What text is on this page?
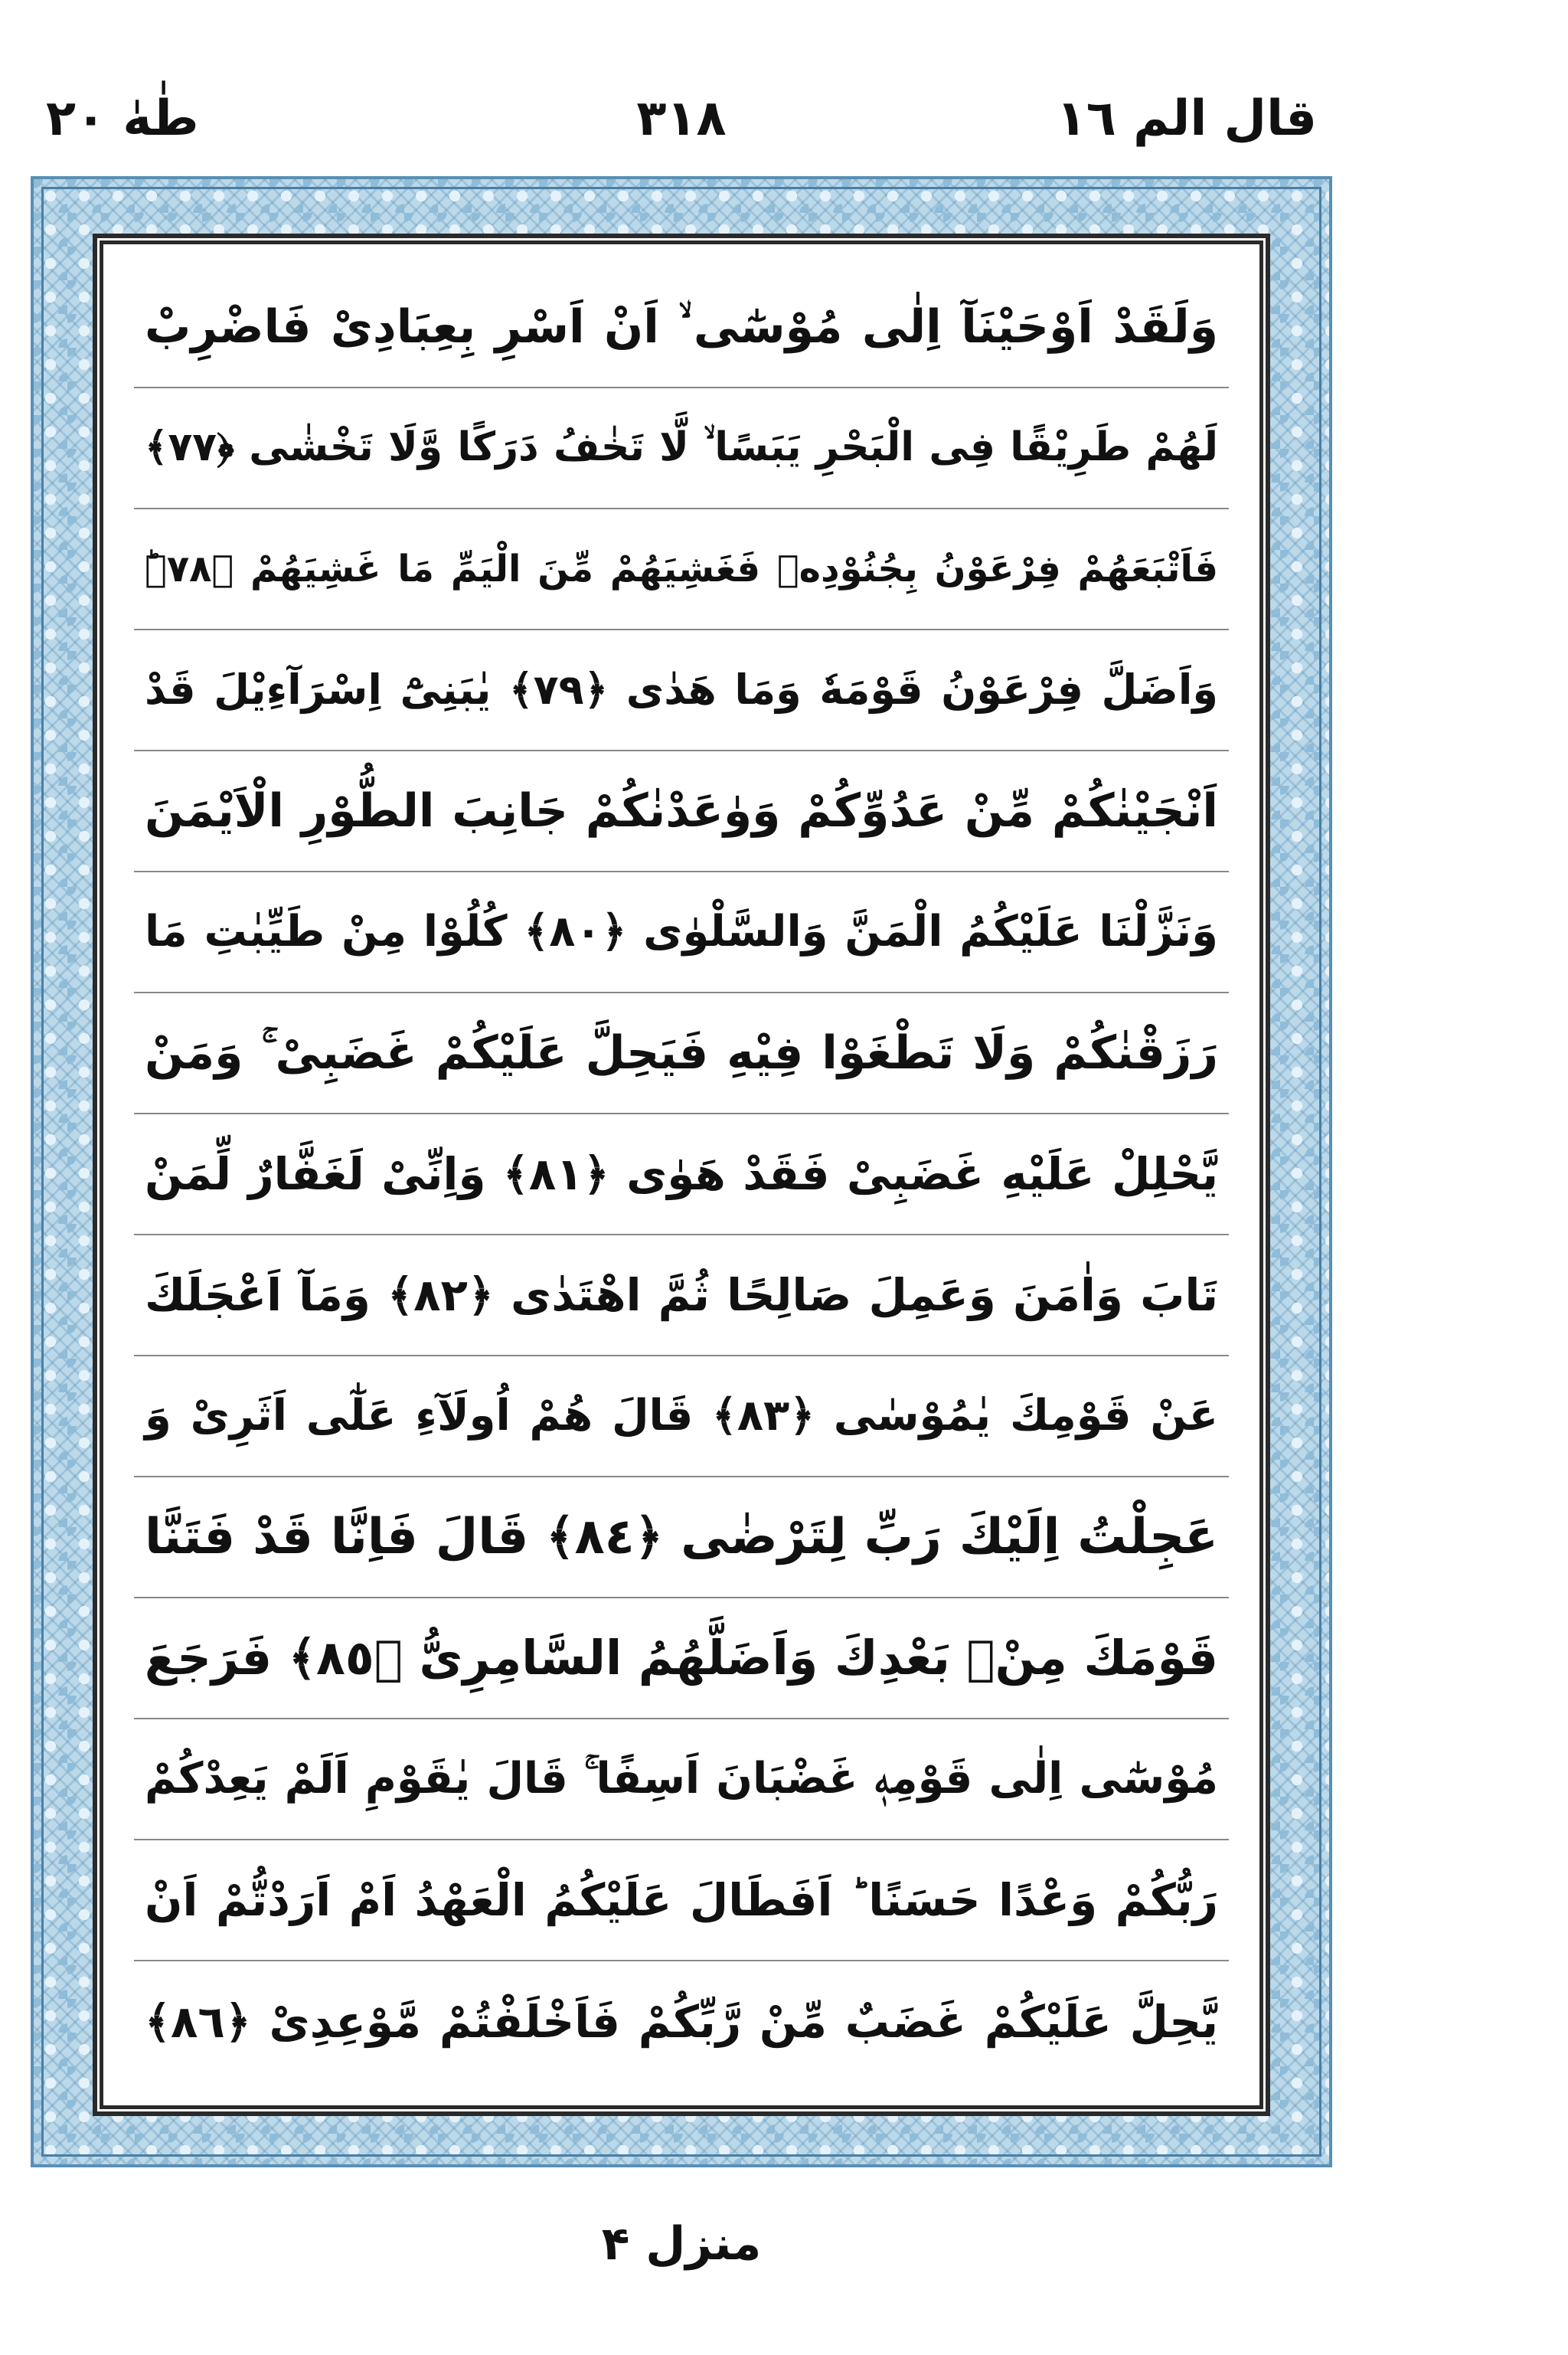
قال الم ١٦
٣١٨
طٰهٰ ٢٠
وَلَقَدْ اَوْحَيْنَآ اِلٰى مُوْسٰٓى ۙ اَنْ اَسْرِ بِعِبَادِىْ فَاضْرِبْ
لَهُمْ طَرِيْقًا فِى الْبَحْرِ يَبَسًا ۙ لَّا تَخٰفُ دَرَكًا وَّلَا تَخْشٰى ﴿٧٧﴾
فَاَتْبَعَهُمْ فِرْعَوْنُ بِجُنُوْدِهٖ فَغَشِيَهُمْ مِّنَ الْيَمِّ مَا غَشِيَهُمْ ﴿٧٨﴾ؕ
وَاَضَلَّ فِرْعَوْنُ قَوْمَهٗ وَمَا هَدٰى ﴿٧٩﴾ يٰبَنِىْٓ اِسْرَآءِيْلَ قَدْ
اَنْجَيْنٰكُمْ مِّنْ عَدُوِّكُمْ وَوٰعَدْنٰكُمْ جَانِبَ الطُّوْرِ الْاَيْمَنَ
وَنَزَّلْنَا عَلَيْكُمُ الْمَنَّ وَالسَّلْوٰى ﴿٨٠﴾ كُلُوْا مِنْ طَيِّبٰتِ مَا
رَزَقْنٰكُمْ وَلَا تَطْغَوْا فِيْهِ فَيَحِلَّ عَلَيْكُمْ غَضَبِىْ ۚ وَمَنْ
يَّحْلِلْ عَلَيْهِ غَضَبِىْ فَقَدْ هَوٰى ﴿٨١﴾ وَاِنِّىْ لَغَفَّارٌ لِّمَنْ
تَابَ وَاٰمَنَ وَعَمِلَ صَالِحًا ثُمَّ اهْتَدٰى ﴿٨٢﴾ وَمَآ اَعْجَلَكَ
عَنْ قَوْمِكَ يٰمُوْسٰى ﴿٨٣﴾ قَالَ هُمْ اُولَآءِ عَلٰٓى اَثَرِىْ وَ
عَجِلْتُ اِلَيْكَ رَبِّ لِتَرْضٰى ﴿٨٤﴾ قَالَ فَاِنَّا قَدْ فَتَنَّا
قَوْمَكَ مِنْۢ بَعْدِكَ وَاَضَلَّهُمُ السَّامِرِىُّ ﴿٨٥﴾ فَرَجَعَ
مُوْسٰٓى اِلٰى قَوْمِهٖ غَضْبَانَ اَسِفًا ۚ قَالَ يٰقَوْمِ اَلَمْ يَعِدْكُمْ
رَبُّكُمْ وَعْدًا حَسَنًا ؕ اَفَطَالَ عَلَيْكُمُ الْعَهْدُ اَمْ اَرَدْتُّمْ اَنْ
يَّحِلَّ عَلَيْكُمْ غَضَبٌ مِّنْ رَّبِّكُمْ فَاَخْلَفْتُمْ مَّوْعِدِىْ ﴿٨٦﴾
منزل ۴
